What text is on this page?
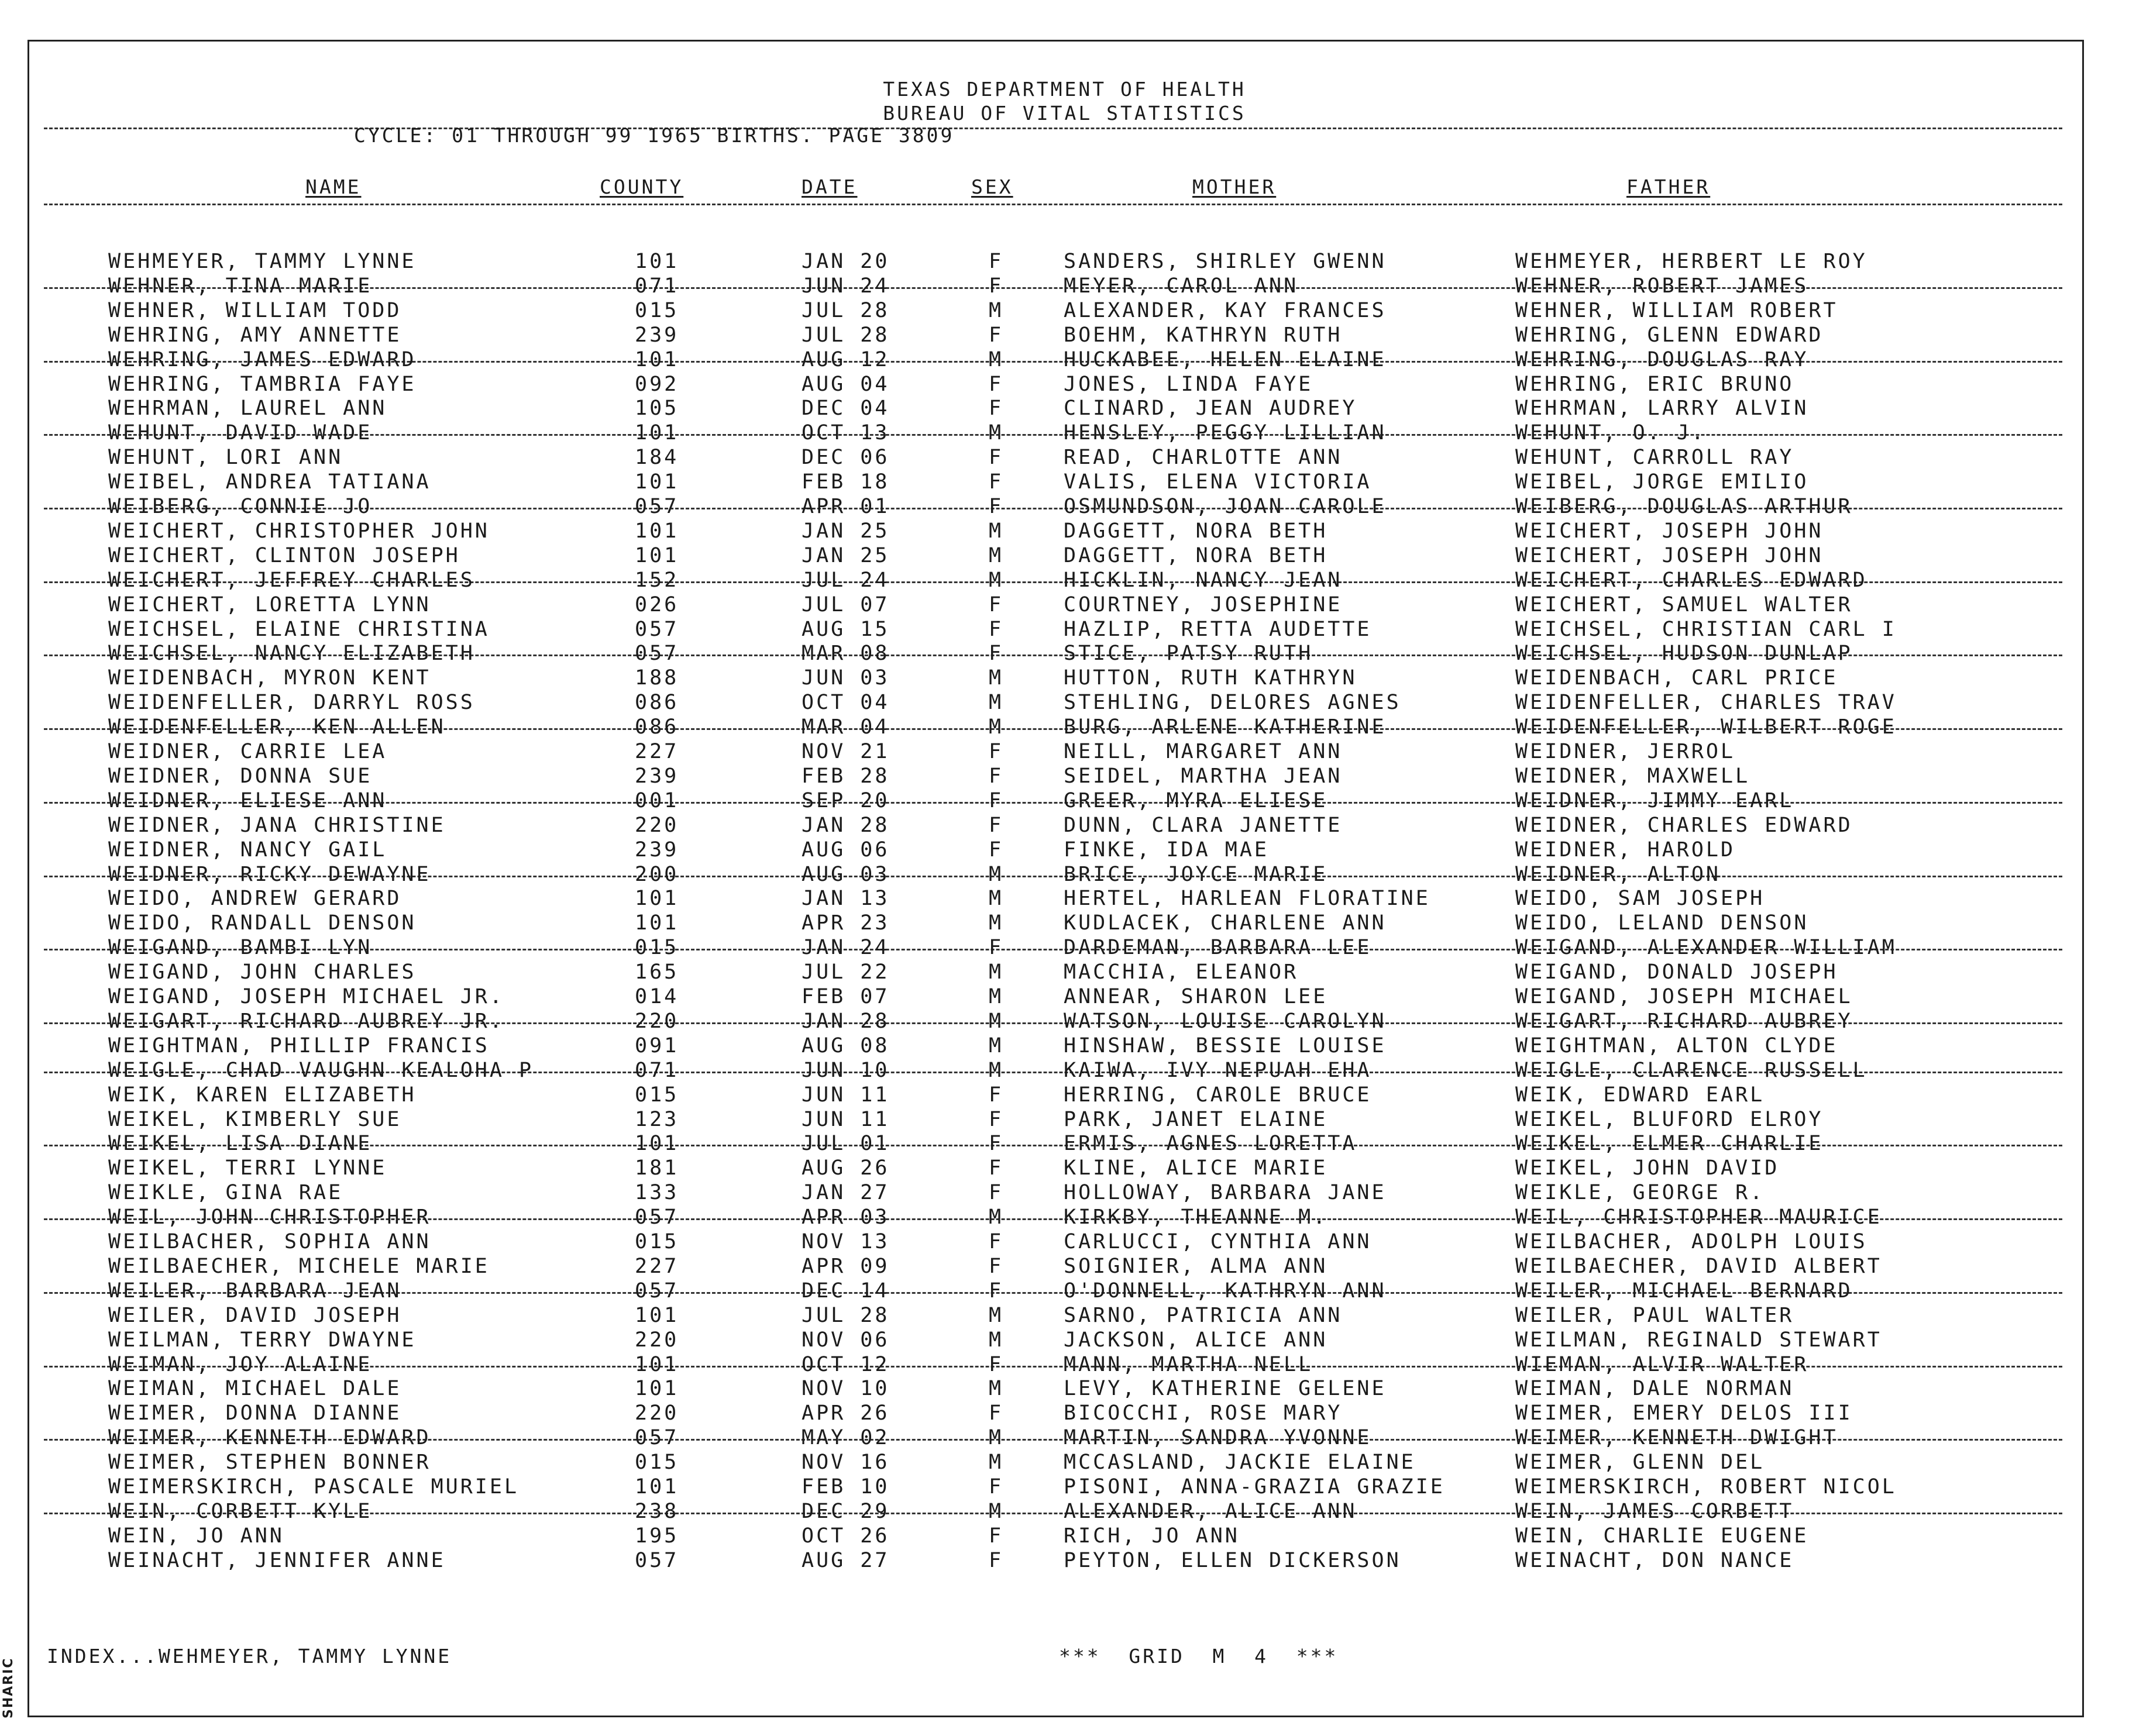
TEXAS DEPARTMENT OF HEALTH
BUREAU OF VITAL STATISTICS
CYCLE: 01 THROUGH 99 1965 BIRTHS. PAGE 3809
NAME	COUNTY	DATE	SEX	MOTHER	FATHER
WEHMEYER, TAMMY LYNNE	101	JAN 20	F	SANDERS, SHIRLEY GWENN	WEHMEYER, HERBERT LE ROY
WEHNER, TINA MARIE	071	JUN 24	F	MEYER, CAROL ANN	WEHNER, ROBERT JAMES
WEHNER, WILLIAM TODD	015	JUL 28	M	ALEXANDER, KAY FRANCES	WEHNER, WILLIAM ROBERT
WEHRING, AMY ANNETTE	239	JUL 28	F	BOEHM, KATHRYN RUTH	WEHRING, GLENN EDWARD
WEHRING, JAMES EDWARD	101	AUG 12	M	HUCKABEE, HELEN ELAINE	WEHRING, DOUGLAS RAY
WEHRING, TAMBRIA FAYE	092	AUG 04	F	JONES, LINDA FAYE	WEHRING, ERIC BRUNO
WEHRMAN, LAUREL ANN	105	DEC 04	F	CLINARD, JEAN AUDREY	WEHRMAN, LARRY ALVIN
WEHUNT, DAVID WADE	101	OCT 13	M	HENSLEY, PEGGY LILLIAN	WEHUNT, O. J.
WEHUNT, LORI ANN	184	DEC 06	F	READ, CHARLOTTE ANN	WEHUNT, CARROLL RAY
WEIBEL, ANDREA TATIANA	101	FEB 18	F	VALIS, ELENA VICTORIA	WEIBEL, JORGE EMILIO
WEIBERG, CONNIE JO	057	APR 01	F	OSMUNDSON, JOAN CAROLE	WEIBERG, DOUGLAS ARTHUR
WEICHERT, CHRISTOPHER JOHN	101	JAN 25	M	DAGGETT, NORA BETH	WEICHERT, JOSEPH JOHN
WEICHERT, CLINTON JOSEPH	101	JAN 25	M	DAGGETT, NORA BETH	WEICHERT, JOSEPH JOHN
WEICHERT, JEFFREY CHARLES	152	JUL 24	M	HICKLIN, NANCY JEAN	WEICHERT, CHARLES EDWARD
WEICHERT, LORETTA LYNN	026	JUL 07	F	COURTNEY, JOSEPHINE	WEICHERT, SAMUEL WALTER
WEICHSEL, ELAINE CHRISTINA	057	AUG 15	F	HAZLIP, RETTA AUDETTE	WEICHSEL, CHRISTIAN CARL I
WEICHSEL, NANCY ELIZABETH	057	MAR 08	F	STICE, PATSY RUTH	WEICHSEL, HUDSON DUNLAP
WEIDENBACH, MYRON KENT	188	JUN 03	M	HUTTON, RUTH KATHRYN	WEIDENBACH, CARL PRICE
WEIDENFELLER, DARRYL ROSS	086	OCT 04	M	STEHLING, DELORES AGNES	WEIDENFELLER, CHARLES TRAV
WEIDENFELLER, KEN ALLEN	086	MAR 04	M	BURG, ARLENE KATHERINE	WEIDENFELLER, WILBERT ROGE
WEIDNER, CARRIE LEA	227	NOV 21	F	NEILL, MARGARET ANN	WEIDNER, JERROL
WEIDNER, DONNA SUE	239	FEB 28	F	SEIDEL, MARTHA JEAN	WEIDNER, MAXWELL
WEIDNER, ELIESE ANN	001	SEP 20	F	GREER, MYRA ELIESE	WEIDNER, JIMMY EARL
WEIDNER, JANA CHRISTINE	220	JAN 28	F	DUNN, CLARA JANETTE	WEIDNER, CHARLES EDWARD
WEIDNER, NANCY GAIL	239	AUG 06	F	FINKE, IDA MAE	WEIDNER, HAROLD
WEIDNER, RICKY DEWAYNE	200	AUG 03	M	BRICE, JOYCE MARIE	WEIDNER, ALTON
WEIDO, ANDREW GERARD	101	JAN 13	M	HERTEL, HARLEAN FLORATINE	WEIDO, SAM JOSEPH
WEIDO, RANDALL DENSON	101	APR 23	M	KUDLACEK, CHARLENE ANN	WEIDO, LELAND DENSON
WEIGAND, BAMBI LYN	015	JAN 24	F	DARDEMAN, BARBARA LEE	WEIGAND, ALEXANDER WILLIAM
WEIGAND, JOHN CHARLES	165	JUL 22	M	MACCHIA, ELEANOR	WEIGAND, DONALD JOSEPH
WEIGAND, JOSEPH MICHAEL JR.	014	FEB 07	M	ANNEAR, SHARON LEE	WEIGAND, JOSEPH MICHAEL
WEIGART, RICHARD AUBREY JR.	220	JAN 28	M	WATSON, LOUISE CAROLYN	WEIGART, RICHARD AUBREY
WEIGHTMAN, PHILLIP FRANCIS	091	AUG 08	M	HINSHAW, BESSIE LOUISE	WEIGHTMAN, ALTON CLYDE
WEIGLE, CHAD VAUGHN KEALOHA P	071	JUN 10	M	KAIWA, IVY NEPUAH EHA	WEIGLE, CLARENCE RUSSELL
WEIK, KAREN ELIZABETH	015	JUN 11	F	HERRING, CAROLE BRUCE	WEIK, EDWARD EARL
WEIKEL, KIMBERLY SUE	123	JUN 11	F	PARK, JANET ELAINE	WEIKEL, BLUFORD ELROY
WEIKEL, LISA DIANE	101	JUL 01	F	ERMIS, AGNES LORETTA	WEIKEL, ELMER CHARLIE
WEIKEL, TERRI LYNNE	181	AUG 26	F	KLINE, ALICE MARIE	WEIKEL, JOHN DAVID
WEIKLE, GINA RAE	133	JAN 27	F	HOLLOWAY, BARBARA JANE	WEIKLE, GEORGE R.
WEIL, JOHN CHRISTOPHER	057	APR 03	M	KIRKBY, THEANNE M.	WEIL, CHRISTOPHER MAURICE
WEILBACHER, SOPHIA ANN	015	NOV 13	F	CARLUCCI, CYNTHIA ANN	WEILBACHER, ADOLPH LOUIS
WEILBAECHER, MICHELE MARIE	227	APR 09	F	SOIGNIER, ALMA ANN	WEILBAECHER, DAVID ALBERT
WEILER, BARBARA JEAN	057	DEC 14	F	O'DONNELL, KATHRYN ANN	WEILER, MICHAEL BERNARD
WEILER, DAVID JOSEPH	101	JUL 28	M	SARNO, PATRICIA ANN	WEILER, PAUL WALTER
WEILMAN, TERRY DWAYNE	220	NOV 06	M	JACKSON, ALICE ANN	WEILMAN, REGINALD STEWART
WEIMAN, JOY ALAINE	101	OCT 12	F	MANN, MARTHA NELL	WIEMAN, ALVIR WALTER
WEIMAN, MICHAEL DALE	101	NOV 10	M	LEVY, KATHERINE GELENE	WEIMAN, DALE NORMAN
WEIMER, DONNA DIANNE	220	APR 26	F	BICOCCHI, ROSE MARY	WEIMER, EMERY DELOS III
WEIMER, KENNETH EDWARD	057	MAY 02	M	MARTIN, SANDRA YVONNE	WEIMER, KENNETH DWIGHT
WEIMER, STEPHEN BONNER	015	NOV 16	M	MCCASLAND, JACKIE ELAINE	WEIMER, GLENN DEL
WEIMERSKIRCH, PASCALE MURIEL	101	FEB 10	F	PISONI, ANNA-GRAZIA GRAZIE	WEIMERSKIRCH, ROBERT NICOL
WEIN, CORBETT KYLE	238	DEC 29	M	ALEXANDER, ALICE ANN	WEIN, JAMES CORBETT
WEIN, JO ANN	195	OCT 26	F	RICH, JO ANN	WEIN, CHARLIE EUGENE
WEINACHT, JENNIFER ANNE	057	AUG 27	F	PEYTON, ELLEN DICKERSON	WEINACHT, DON NANCE
INDEX...WEHMEYER, TAMMY LYNNE	***  GRID  M  4  ***
SHARIC
